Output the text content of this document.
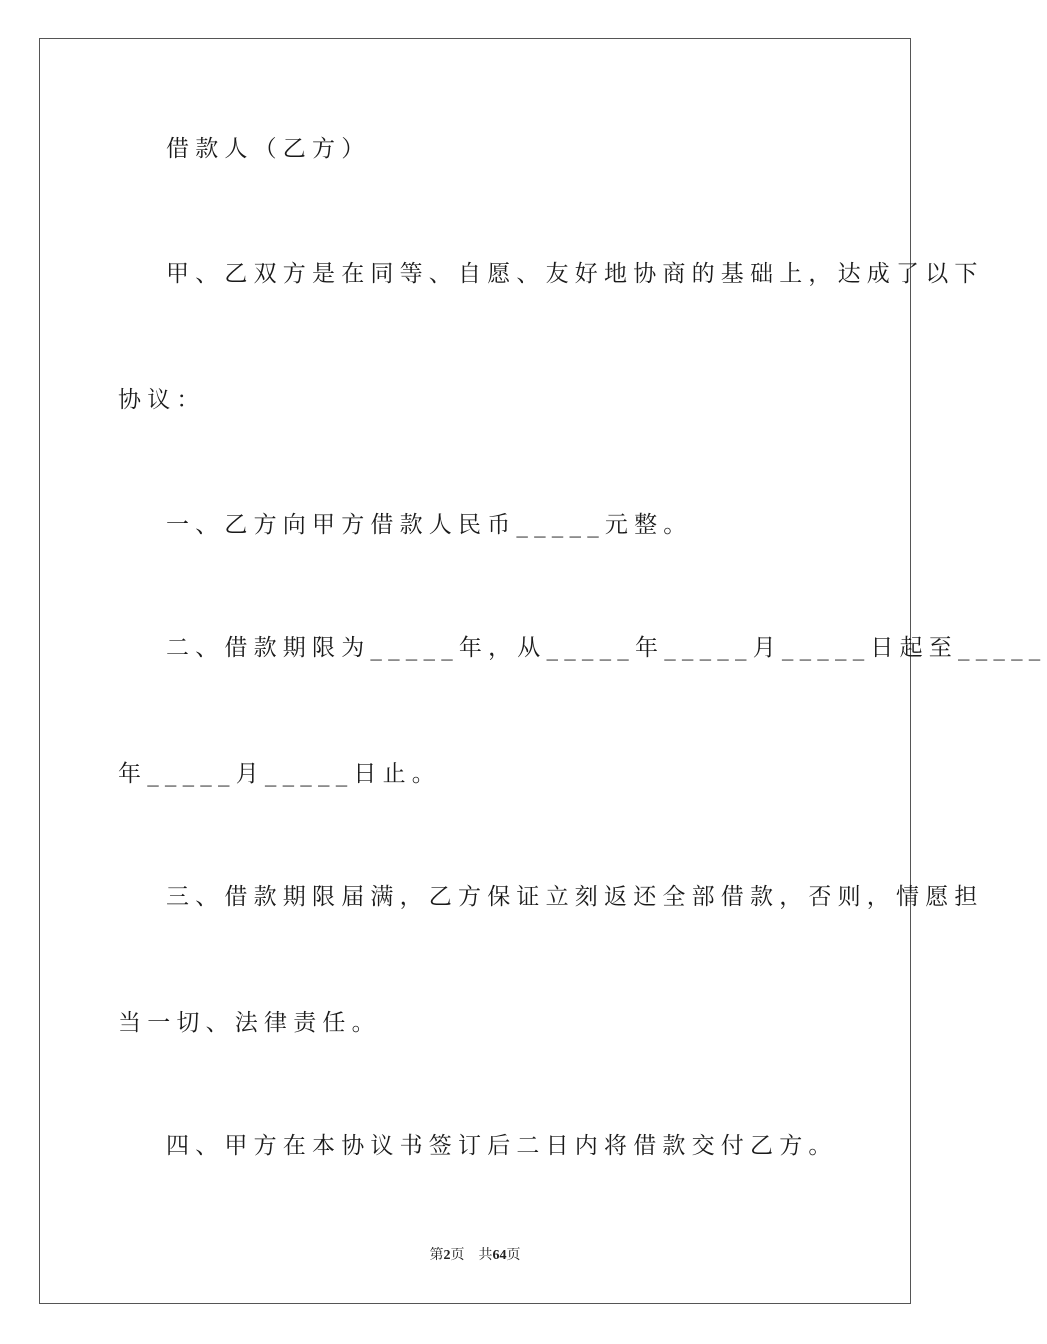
借款人（乙方）
甲、乙双方是在同等、自愿、友好地协商的基础上，达成了以下
协议：
一、乙方向甲方借款人民币_____元整。
二、借款期限为_____年，从_____年_____月_____日起至_____
年_____月_____日止。
三、借款期限届满，乙方保证立刻返还全部借款，否则，情愿担
当一切、法律责任。
四、甲方在本协议书签订后二日内将借款交付乙方。
第2页 共64页
